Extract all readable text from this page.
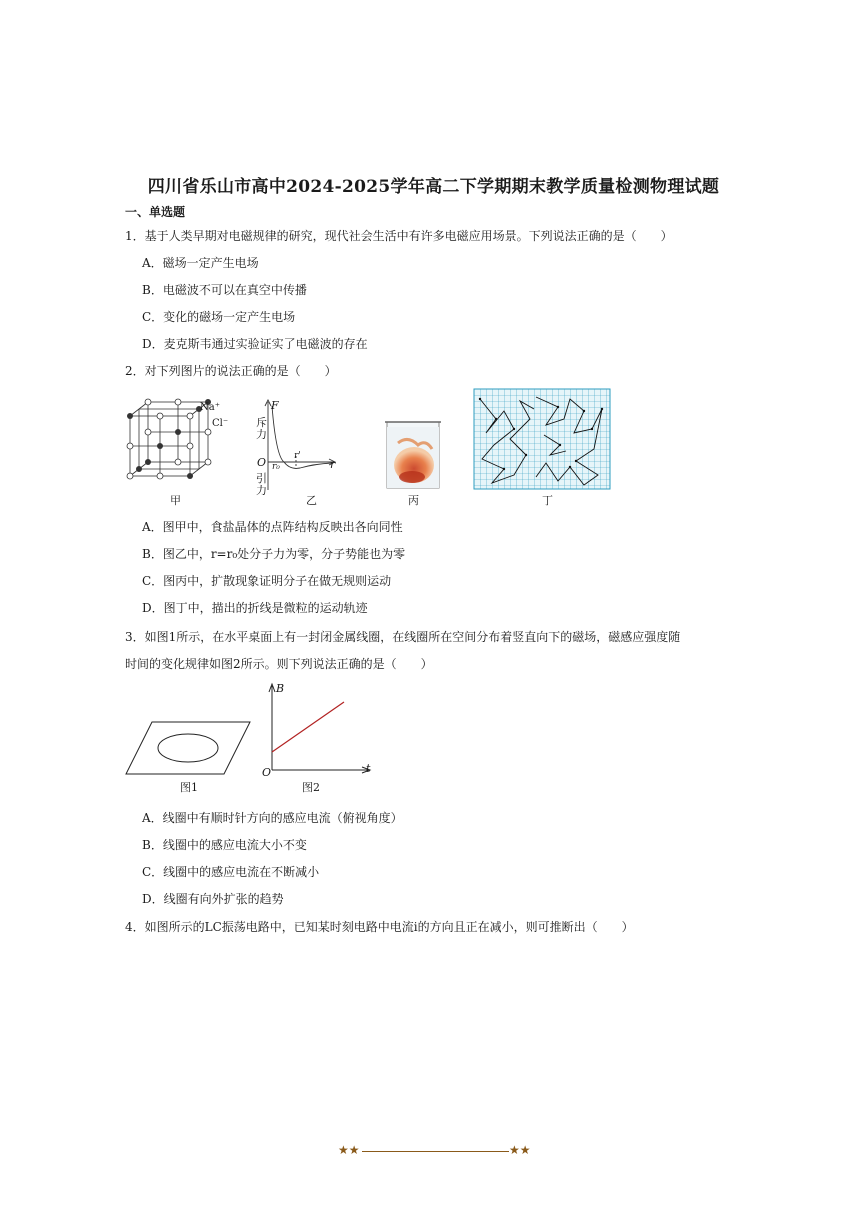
四川省乐山市高中2024-2025学年高二下学期期末教学质量检测物理试题
一、单选题
1．基于人类早期对电磁规律的研究，现代社会生活中有许多电磁应用场景。下列说法正确的是（　　）
A．磁场一定产生电场
B．电磁波不可以在真空中传播
C．变化的磁场一定产生电场
D．麦克斯韦通过实验证实了电磁波的存在
2．对下列图片的说法正确的是（　　）
Na⁺
Cl⁻
甲
F
斥
力
O
引
力
r₀
r'
r
乙	丙	丁
A．图甲中，食盐晶体的点阵结构反映出各向同性
B．图乙中，r=r₀处分子力为零，分子势能也为零
C．图丙中，扩散现象证明分子在做无规则运动
D．图丁中，描出的折线是微粒的运动轨迹
3．如图1所示，在水平桌面上有一封闭金属线圈，在线圈所在空间分布着竖直向下的磁场，磁感应强度随
时间的变化规律如图2所示。则下列说法正确的是（　　）
图1
B
O	t
图2
A．线圈中有顺时针方向的感应电流（俯视角度）
B．线圈中的感应电流大小不变
C．线圈中的感应电流在不断减小
D．线圈有向外扩张的趋势
4．如图所示的LC振荡电路中，已知某时刻电路中电流i的方向且正在减小，则可推断出（　　）
★★	★★
